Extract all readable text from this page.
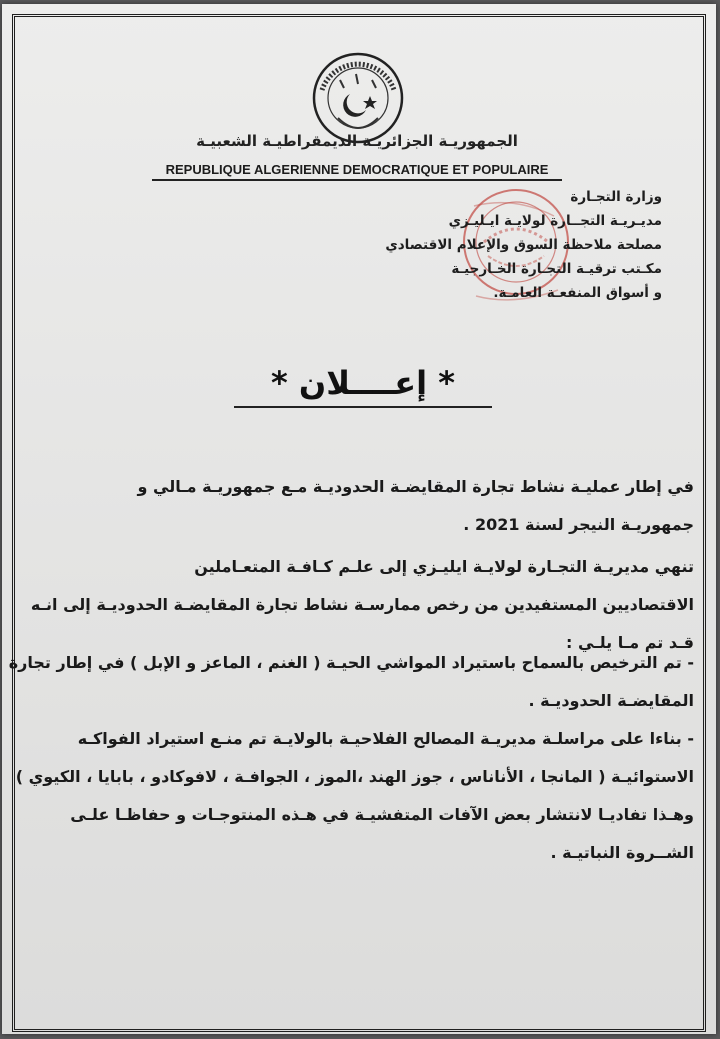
الجمهوريـة الجزائريـة الديمقراطيـة الشعبيـة
REPUBLIQUE ALGERIENNE DEMOCRATIQUE ET POPULAIRE
وزارة التجـارة
مديـريـة التجــارة لولايـة ايـليـزي
مصلحة ملاحظة السوق والإعلام الاقتصادي
مكـتب ترقيـة التجـارة الخـارجيـة
و أسواق المنفعـة العامـة.
* إعــــلان *
في إطار عمليـة نشاط تجارة المقايضـة الحدوديـة مـع جمهوريـة مـالي و
جمهوريـة النيجر لسنة 2021 .
تنهي مديريـة التجـارة لولايـة ايليـزي إلى علـم كـافـة المتعـاملين
الاقتصاديين المستفيدين من رخص ممارسـة نشاط تجارة المقايضـة الحدوديـة إلى انـه
قـد تم مـا يلـي :
- تم الترخيص بالسماح باستيراد المواشي الحيـة ( الغنم ، الماعز و الإبل ) في إطار تجارة
المقايضـة الحدوديـة .
- بناءا على مراسلـة مديريـة المصالح الفلاحيـة بالولايـة تم منـع استيراد الفواكـه
الاستوائيـة ( المانجا ، الأناناس ، جوز الهند ،الموز ، الجوافـة ، لافوكادو ، بابايا ، الكيوي )
وهـذا تفاديـا لانتشار بعض الآفات المتفشيـة في هـذه المنتوجـات و حفاظـا علـى
الشــروة النباتيـة .
